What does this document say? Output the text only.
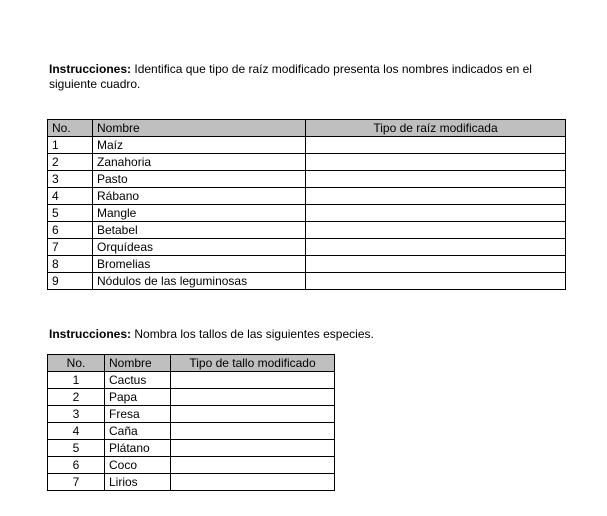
Instrucciones: Identifica que tipo de raíz modificado presenta los nombres indicados en el siguiente cuadro.

No.	Nombre	Tipo de raíz modificada
1	Maíz	
2	Zanahoria	
3	Pasto	
4	Rábano	
5	Mangle	
6	Betabel	
7	Orquídeas	
8	Bromelias	
9	Nódulos de las leguminosas	

Instrucciones: Nombra los tallos de las siguientes especies.

No.	Nombre	Tipo de tallo modificado
1	Cactus	
2	Papa	
3	Fresa	
4	Caña	
5	Plátano	
6	Coco	
7	Lirios	
